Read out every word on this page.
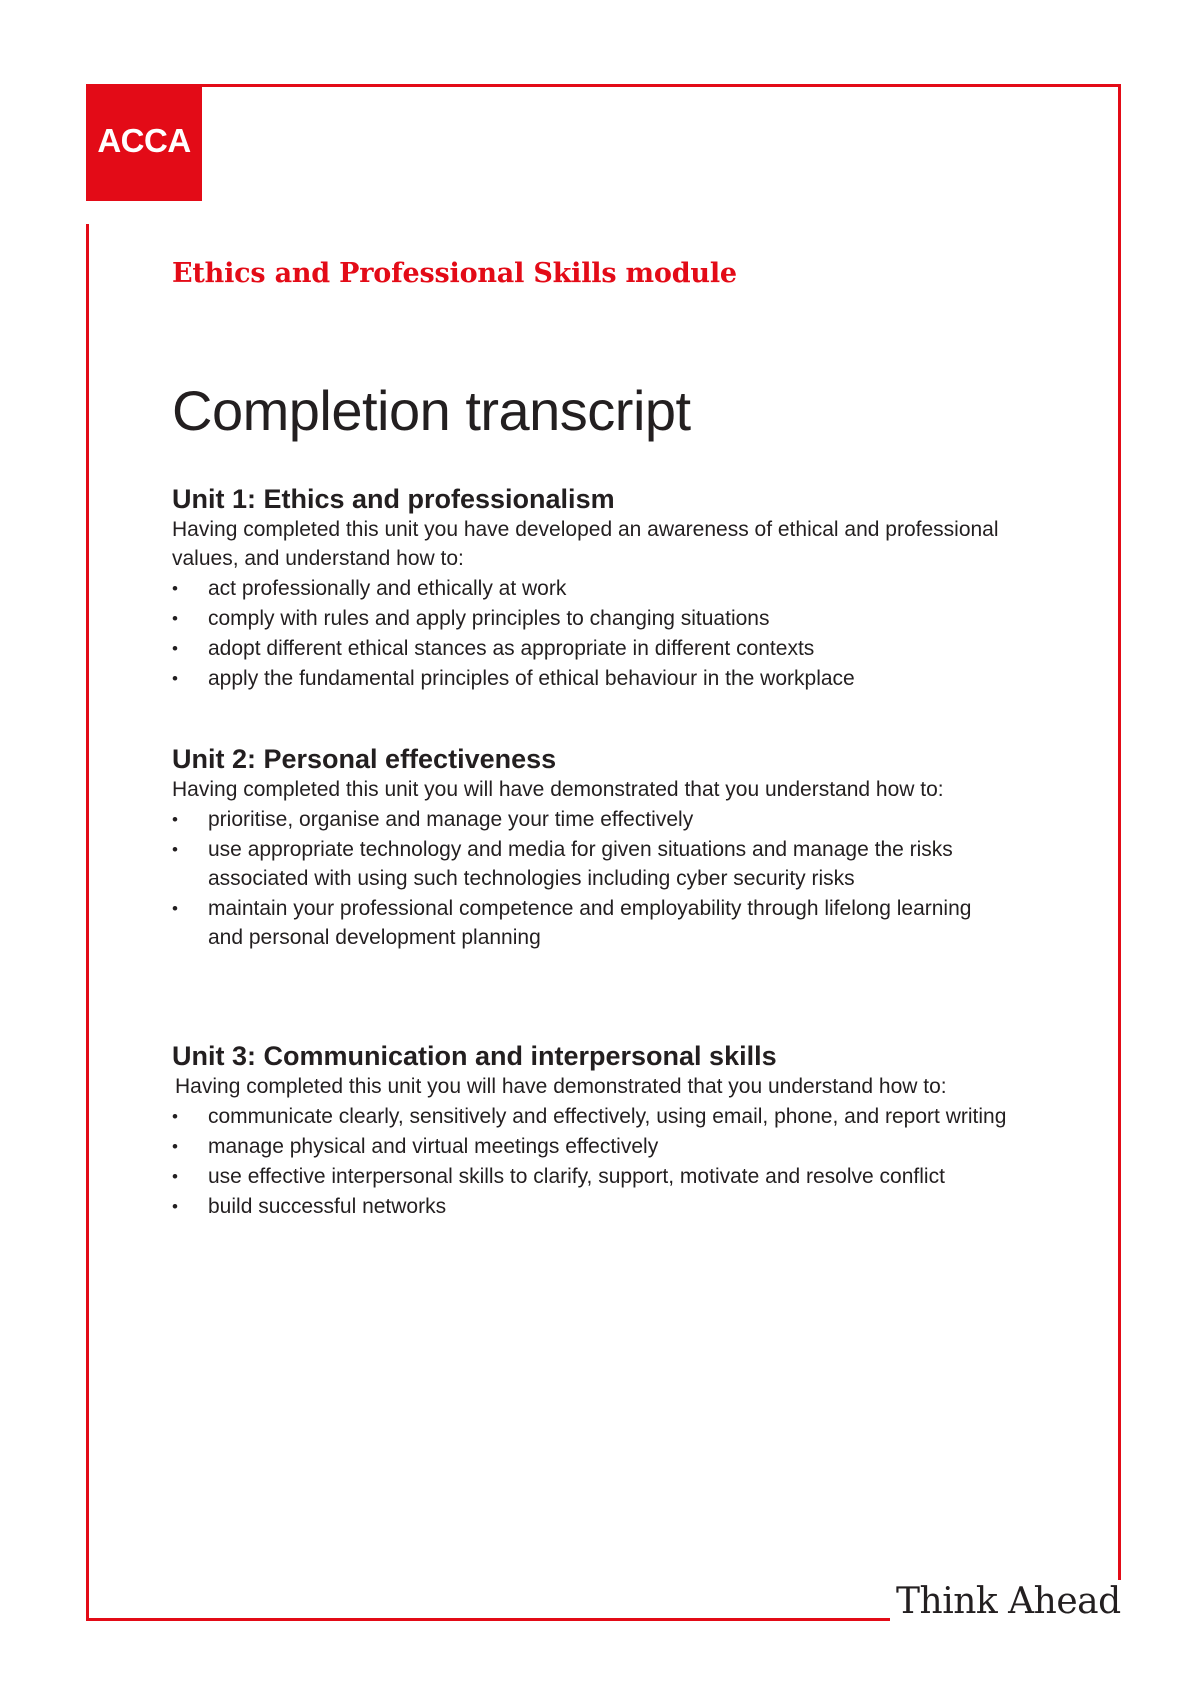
ACCA
Ethics and Professional Skills module
Completion transcript
Unit 1: Ethics and professionalism

Having completed this unit you have developed an awareness of ethical and professional values, and understand how to:

• act professionally and ethically at work
• comply with rules and apply principles to changing situations
• adopt different ethical stances as appropriate in different contexts
• apply the fundamental principles of ethical behaviour in the workplace
Unit 2: Personal effectiveness

Having completed this unit you will have demonstrated that you understand how to:

• prioritise, organise and manage your time effectively
• use appropriate technology and media for given situations and manage the risks associated with using such technologies including cyber security risks
• maintain your professional competence and employability through lifelong learning and personal development planning
Unit 3: Communication and interpersonal skills

Having completed this unit you will have demonstrated that you understand how to:

• communicate clearly, sensitively and effectively, using email, phone, and report writing
• manage physical and virtual meetings effectively
• use effective interpersonal skills to clarify, support, motivate and resolve conflict
• build successful networks
Think Ahead
